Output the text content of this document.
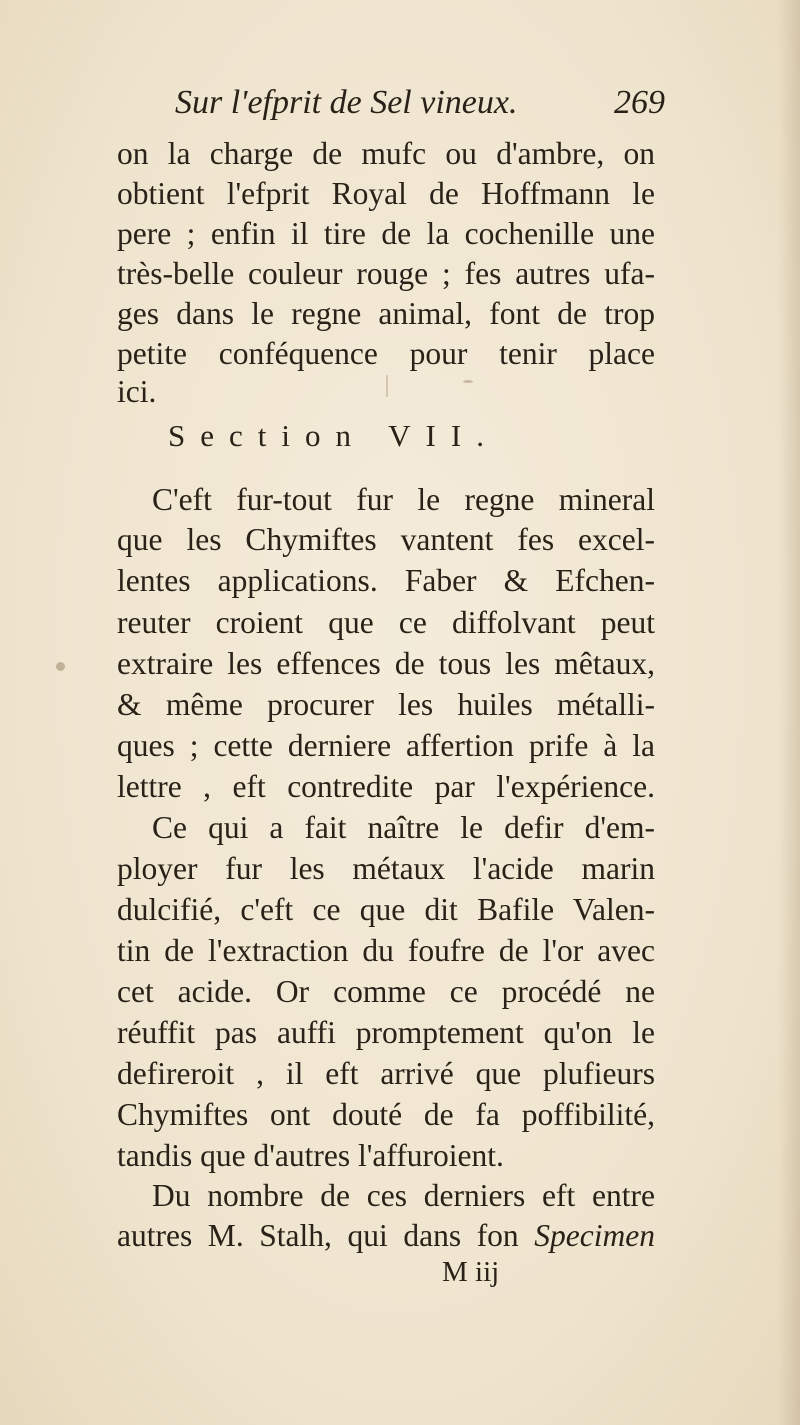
Sur l'efprit de Sel vineux.	269
on la charge de mufc ou d'ambre, on
obtient l'efprit Royal de Hoffmann le
pere ; enfin il tire de la cochenille une
très-belle couleur rouge ; fes autres ufa-
ges dans le regne animal, font de trop
petite conféquence pour tenir place
ici.
Section VII.
C'eft fur-tout fur le regne mineral
que les Chymiftes vantent fes excel-
lentes applications. Faber & Efchen-
reuter croient que ce diffolvant peut
extraire les effences de tous les mêtaux,
& même procurer les huiles métalli-
ques ; cette derniere affertion prife à la
lettre , eft contredite par l'expérience.
Ce qui a fait naître le defir d'em-
ployer fur les métaux l'acide marin
dulcifié, c'eft ce que dit Bafile Valen-
tin de l'extraction du foufre de l'or avec
cet acide. Or comme ce procédé ne
réuffit pas auffi promptement qu'on le
defireroit , il eft arrivé que plufieurs
Chymiftes ont douté de fa poffibilité,
tandis que d'autres l'affuroient.
Du nombre de ces derniers eft entre
autres M. Stalh, qui dans fon Specimen
M iij
